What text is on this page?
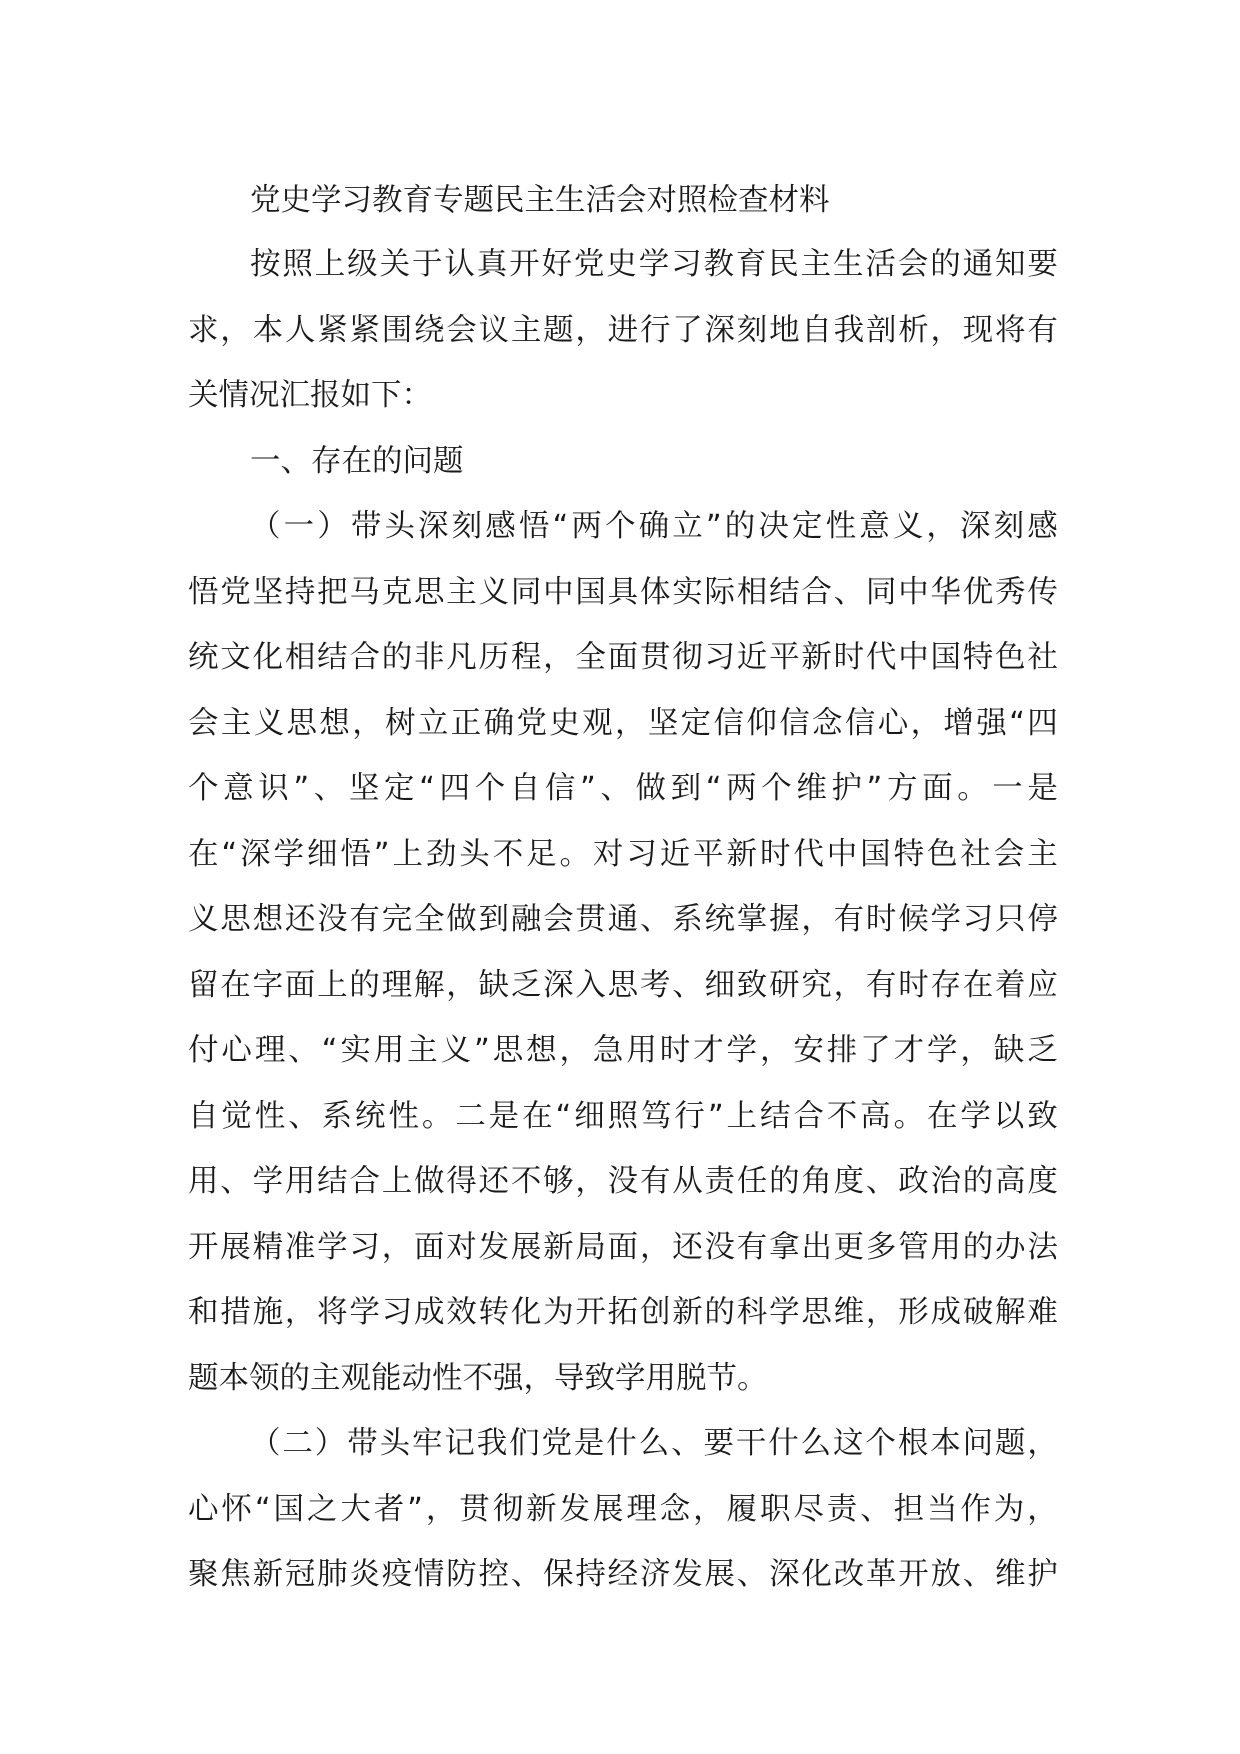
党史学习教育专题民主生活会对照检查材料
按 照 上 级 关 于 认 真 开 好 党 史 学 习 教 育 民 主 生 活 会 的 通 知 要
求 ， 本 人 紧 紧 围 绕 会 议 主 题 ， 进 行 了 深 刻 地 自 我 剖 析 ， 现 将 有
关情况汇报如下：
一、存在的问题
（ 一 ） 带 头 深 刻 感 悟 “ 两 个 确 立 ” 的 决 定 性 意 义 ， 深 刻 感
悟 党 坚 持 把 马 克 思 主 义 同 中 国 具 体 实 际 相 结 合 、 同 中 华 优 秀 传
统 文 化 相 结 合 的 非 凡 历 程 ， 全 面 贯 彻 习 近 平 新 时 代 中 国 特 色 社
会 主 义 思 想 ， 树 立 正 确 党 史 观 ， 坚 定 信 仰 信 念 信 心 ， 增 强 “ 四
个 意 识 ” 、 坚 定 “ 四 个 自 信 ” 、 做 到 “ 两 个 维 护 ” 方 面 。 一 是
在 “ 深 学 细 悟 ” 上 劲 头 不 足 。 对 习 近 平 新 时 代 中 国 特 色 社 会 主
义 思 想 还 没 有 完 全 做 到 融 会 贯 通 、 系 统 掌 握 ， 有 时 候 学 习 只 停
留 在 字 面 上 的 理 解 ， 缺 乏 深 入 思 考 、 细 致 研 究 ， 有 时 存 在 着 应
付 心 理 、 “ 实 用 主 义 ” 思 想 ， 急 用 时 才 学 ， 安 排 了 才 学 ， 缺 乏
自 觉 性 、 系 统 性 。 二 是 在 “ 细 照 笃 行 ” 上 结 合 不 高 。 在 学 以 致
用 、 学 用 结 合 上 做 得 还 不 够 ， 没 有 从 责 任 的 角 度 、 政 治 的 高 度
开 展 精 准 学 习 ， 面 对 发 展 新 局 面 ， 还 没 有 拿 出 更 多 管 用 的 办 法
和 措 施 ， 将 学 习 成 效 转 化 为 开 拓 创 新 的 科 学 思 维 ， 形 成 破 解 难
题本领的主观能动性不强，导致学用脱节。
（ 二 ） 带 头 牢 记 我 们 党 是 什 么 、 要 干 什 么 这 个 根 本 问 题 ，
心 怀 “ 国 之 大 者 ” ， 贯 彻 新 发 展 理 念 ， 履 职 尽 责 、 担 当 作 为 ，
聚 焦 新 冠 肺 炎 疫 情 防 控 、 保 持 经 济 发 展 、 深 化 改 革 开 放 、 维 护
